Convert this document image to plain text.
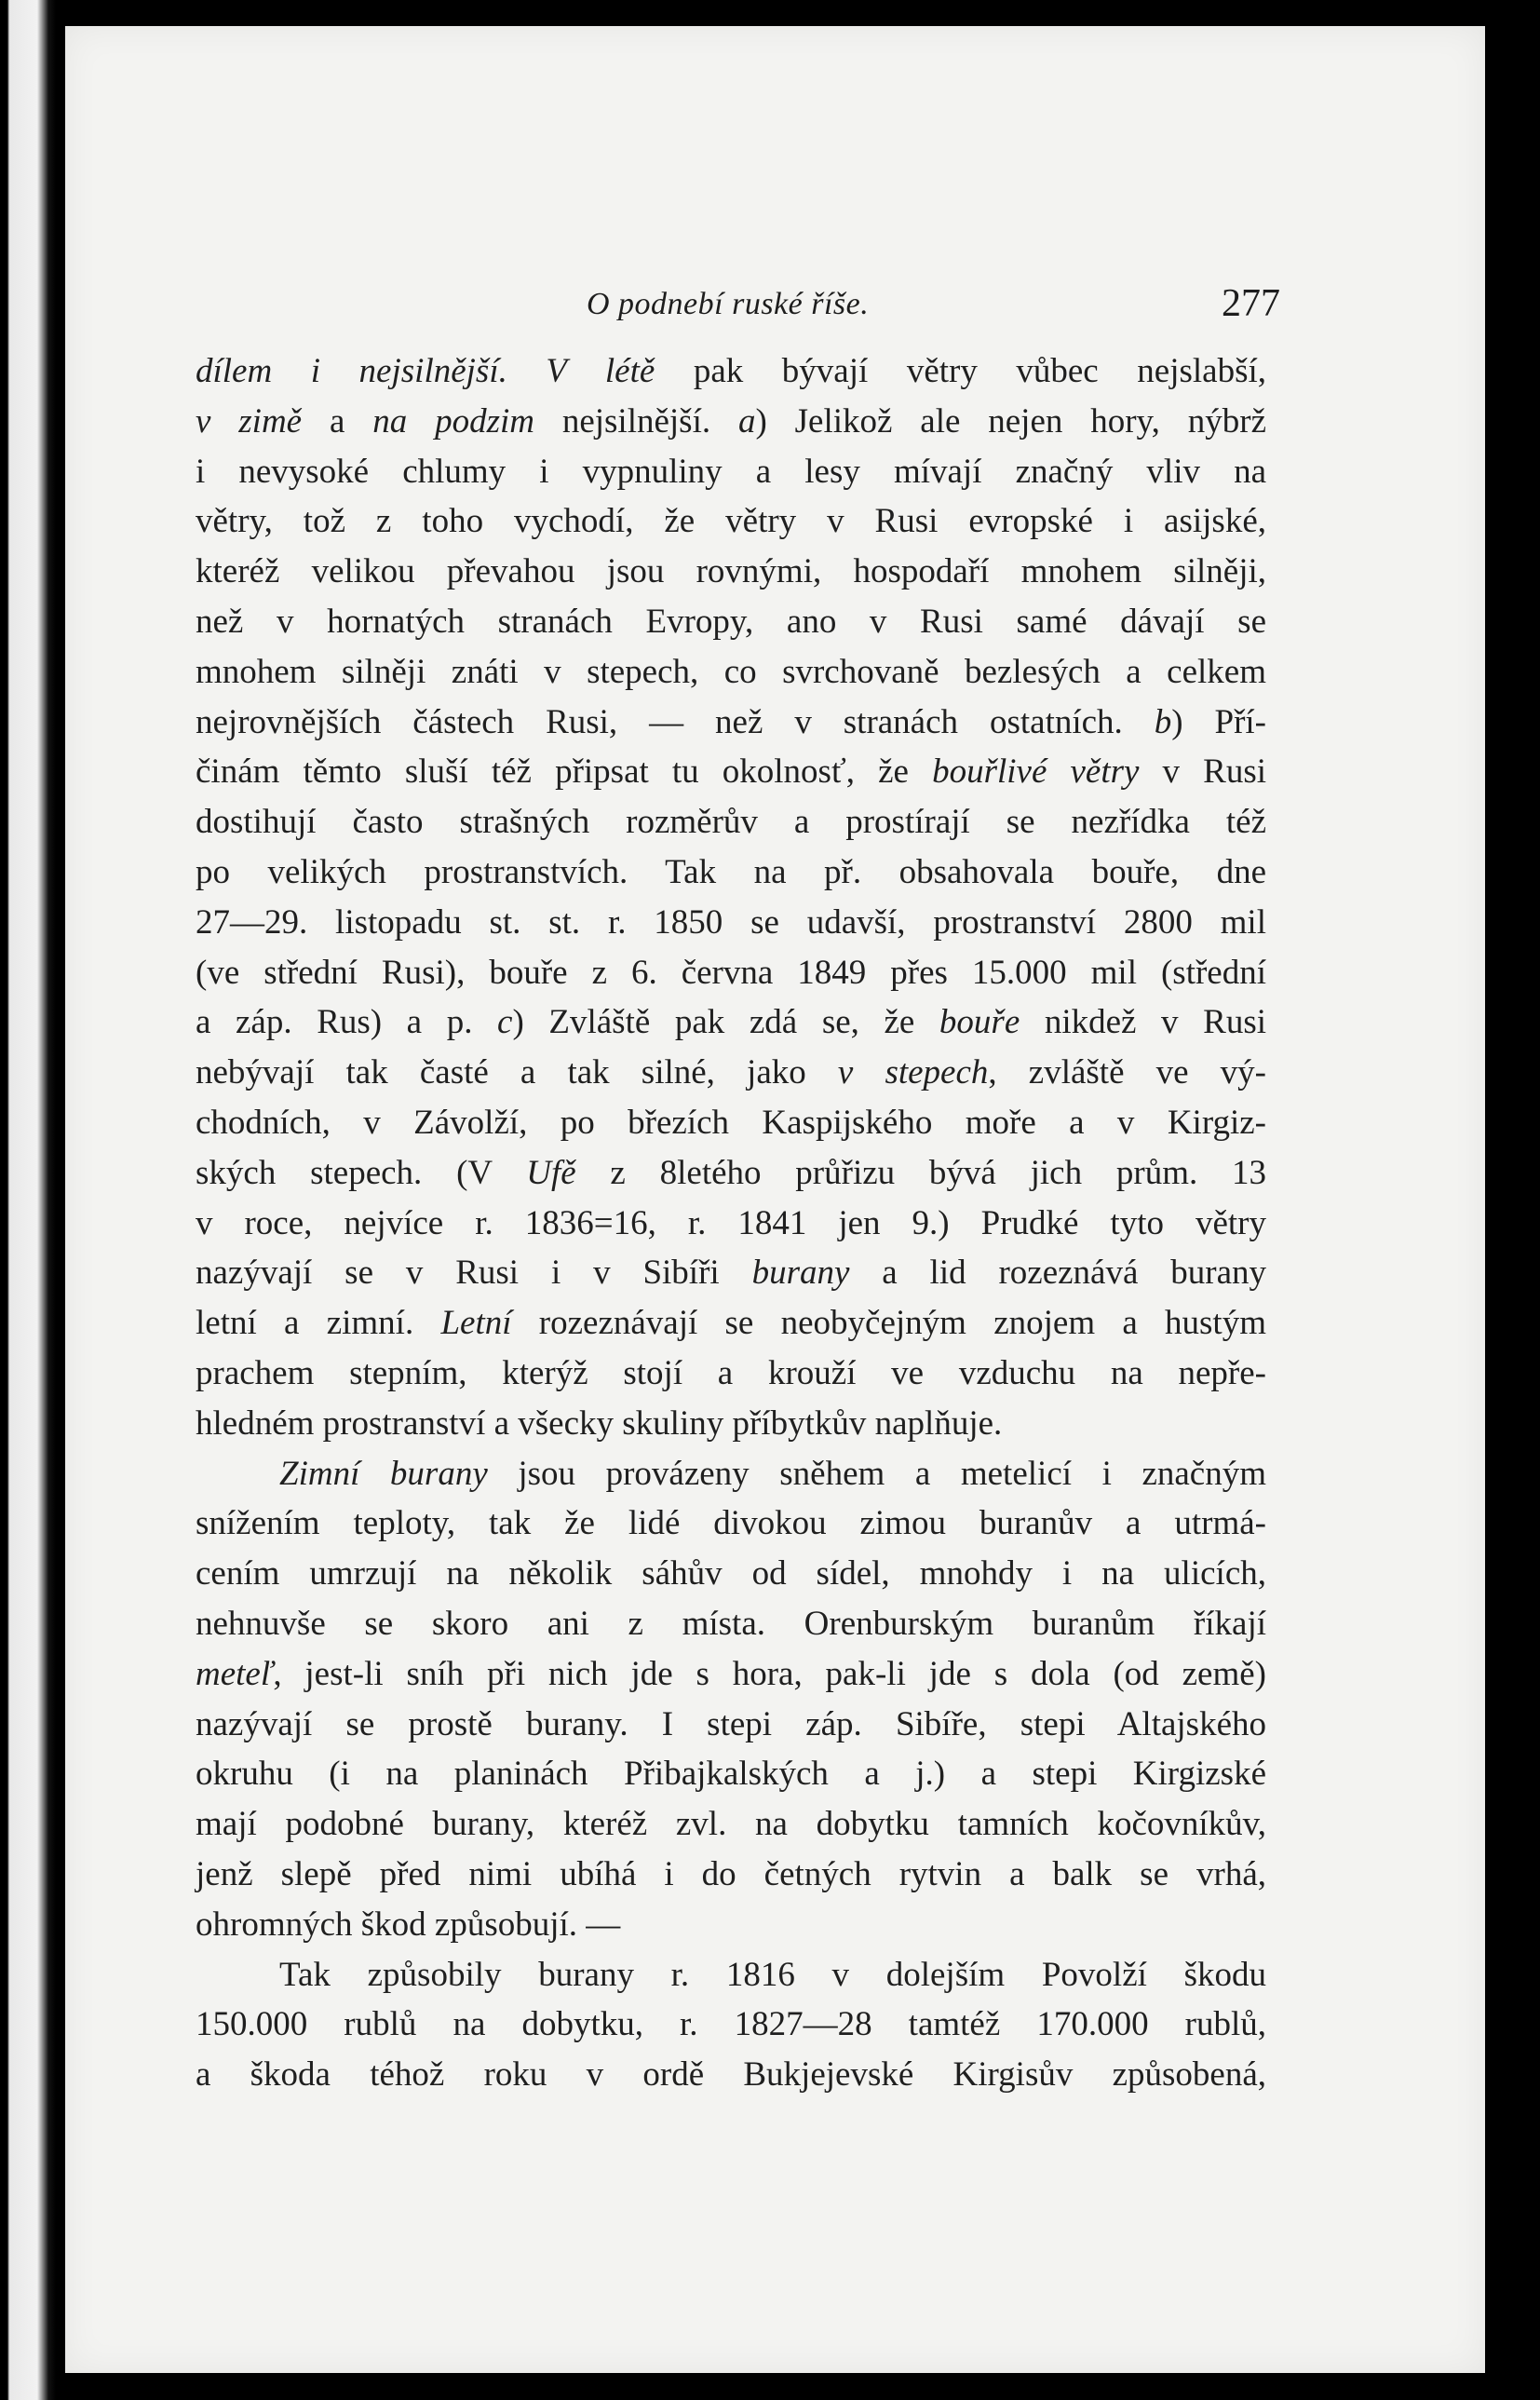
O podnebí ruské říše.	277
dílem i nejsilnější. V létě pak bývají větry vůbec nejslabší,
v zimě a na podzim nejsilnější. a) Jelikož ale nejen hory, nýbrž
i nevysoké chlumy i vypnuliny a lesy mívají značný vliv na
větry, tož z toho vychodí, že větry v Rusi evropské i asijské,
kteréž velikou převahou jsou rovnými, hospodaří mnohem silněji,
než v hornatých stranách Evropy, ano v Rusi samé dávají se
mnohem silněji znáti v stepech, co svrchovaně bezlesých a celkem
nejrovnějších částech Rusi, — než v stranách ostatních. b) Pří-
činám těmto sluší též připsat tu okolnosť, že bouřlivé větry v Rusi
dostihují často strašných rozměrův a prostírají se nezřídka též
po velikých prostranstvích. Tak na př. obsahovala bouře, dne
27—29. listopadu st. st. r. 1850 se udavší, prostranství 2800 mil
(ve střední Rusi), bouře z 6. června 1849 přes 15.000 mil (střední
a záp. Rus) a p. c) Zvláště pak zdá se, že bouře nikdež v Rusi
nebývají tak časté a tak silné, jako v stepech, zvláště ve vý-
chodních, v Závolží, po březích Kaspijského moře a v Kirgiz-
ských stepech. (V Ufě z 8letého průřizu bývá jich prům. 13
v roce, nejvíce r. 1836=16, r. 1841 jen 9.) Prudké tyto větry
nazývají se v Rusi i v Sibíři burany a lid rozeznává burany
letní a zimní. Letní rozeznávají se neobyčejným znojem a hustým
prachem stepním, kterýž stojí a krouží ve vzduchu na nepře-
hledném prostranství a všecky skuliny příbytkův naplňuje.
Zimní burany jsou provázeny sněhem a metelicí i značným
snížením teploty, tak že lidé divokou zimou buranův a utrmá-
cením umrzují na několik sáhův od sídel, mnohdy i na ulicích,
nehnuvše se skoro ani z místa. Orenburským buranům říkají
meteľ, jest-li sníh při nich jde s hora, pak-li jde s dola (od země)
nazývají se prostě burany. I stepi záp. Sibíře, stepi Altajského
okruhu (i na planinách Přibajkalských a j.) a stepi Kirgizské
mají podobné burany, kteréž zvl. na dobytku tamních kočovníkův,
jenž slepě před nimi ubíhá i do četných rytvin a balk se vrhá,
ohromných škod způsobují. —
Tak způsobily burany r. 1816 v dolejším Povolží škodu
150.000 rublů na dobytku, r. 1827—28 tamtéž 170.000 rublů,
a škoda téhož roku v ordě Bukjejevské Kirgisův způsobená,
